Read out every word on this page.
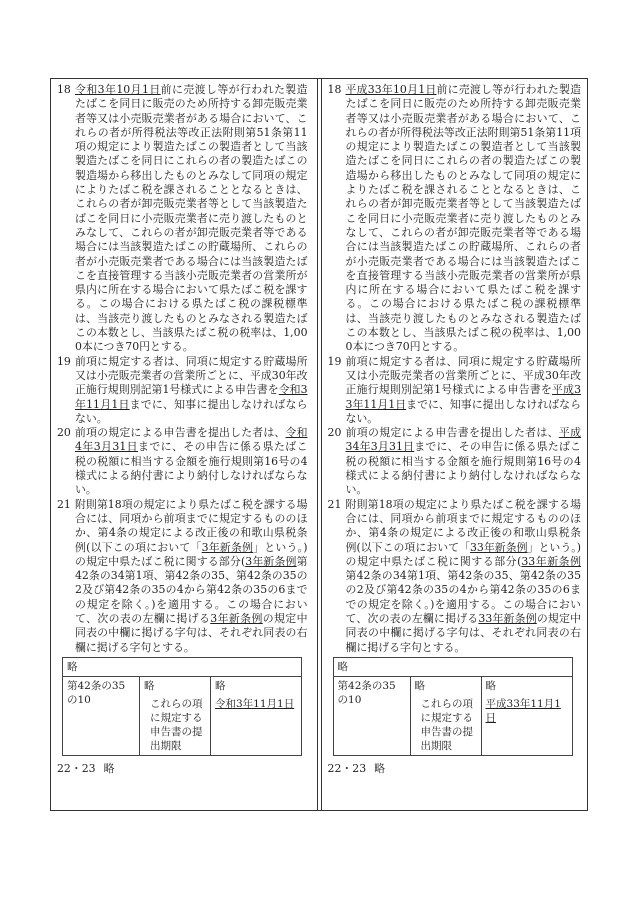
18 令和3年10月1日前に売渡し等が行われた製造たばこを同日に販売のため所持する卸売販売業者等又は小売販売業者がある場合において、これらの者が所得税法等改正法附則第51条第11項の規定により製造たばこの製造者として当該製造たばこを同日にこれらの者の製造たばこの製造場から移出したものとみなして同項の規定によりたばこ税を課されることとなるときは、これらの者が卸売販売業者等として当該製造たばこを同日に小売販売業者に売り渡したものとみなして、これらの者が卸売販売業者等である場合には当該製造たばこの貯蔵場所、これらの者が小売販売業者である場合には当該製造たばこを直接管理する当該小売販売業者の営業所が県内に所在する場合において県たばこ税を課する。この場合における県たばこ税の課税標準は、当該売り渡したものとみなされる製造たばこの本数とし、当該県たばこ税の税率は、1,000本につき70円とする。
19 前項に規定する者は、同項に規定する貯蔵場所又は小売販売業者の営業所ごとに、平成30年改正施行規則別記第1号様式による申告書を令和3年11月1日までに、知事に提出しなければならない。
20 前項の規定による申告書を提出した者は、令和4年3月31日までに、その申告に係る県たばこ税の税額に相当する金額を施行規則第16号の4様式による納付書により納付しなければならない。
21 附則第18項の規定により県たばこ税を課する場合には、同項から前項までに規定するもののほか、第4条の規定による改正後の和歌山県税条例(以下この項において「3年新条例」という。)の規定中県たばこ税に関する部分(3年新条例第42条の34第1項、第42条の35、第42条の35の2及び第42条の35の4から第42条の35の6までの規定を除く。)を適用する。この場合において、次の表の左欄に掲げる3年新条例の規定中同表の中欄に掲げる字句は、それぞれ同表の右欄に掲げる字句とする。
略		
第42条の35の10	略	略
	これらの項に規定する申告書の提出期限	令和3年11月1日
22・23 略
18 平成33年10月1日前に売渡し等が行われた製造たばこを同日に販売のため所持する卸売販売業者等又は小売販売業者がある場合において、これらの者が所得税法等改正法附則第51条第11項の規定により製造たばこの製造者として当該製造たばこを同日にこれらの者の製造たばこの製造場から移出したものとみなして同項の規定によりたばこ税を課されることとなるときは、これらの者が卸売販売業者等として当該製造たばこを同日に小売販売業者に売り渡したものとみなして、これらの者が卸売販売業者等である場合には当該製造たばこの貯蔵場所、これらの者が小売販売業者である場合には当該製造たばこを直接管理する当該小売販売業者の営業所が県内に所在する場合において県たばこ税を課する。この場合における県たばこ税の課税標準は、当該売り渡したものとみなされる製造たばこの本数とし、当該県たばこ税の税率は、1,000本につき70円とする。
19 前項に規定する者は、同項に規定する貯蔵場所又は小売販売業者の営業所ごとに、平成30年改正施行規則別記第1号様式による申告書を平成33年11月1日までに、知事に提出しなければならない。
20 前項の規定による申告書を提出した者は、平成34年3月31日までに、その申告に係る県たばこ税の税額に相当する金額を施行規則第16号の4様式による納付書により納付しなければならない。
21 附則第18項の規定により県たばこ税を課する場合には、同項から前項までに規定するもののほか、第4条の規定による改正後の和歌山県税条例(以下この項において「33年新条例」という。)の規定中県たばこ税に関する部分(33年新条例第42条の34第1項、第42条の35、第42条の35の2及び第42条の35の4から第42条の35の6までの規定を除く。)を適用する。この場合において、次の表の左欄に掲げる33年新条例の規定中同表の中欄に掲げる字句は、それぞれ同表の右欄に掲げる字句とする。
略		
第42条の35の10	略	略
	これらの項に規定する申告書の提出期限	平成33年11月1日
22・23 略
